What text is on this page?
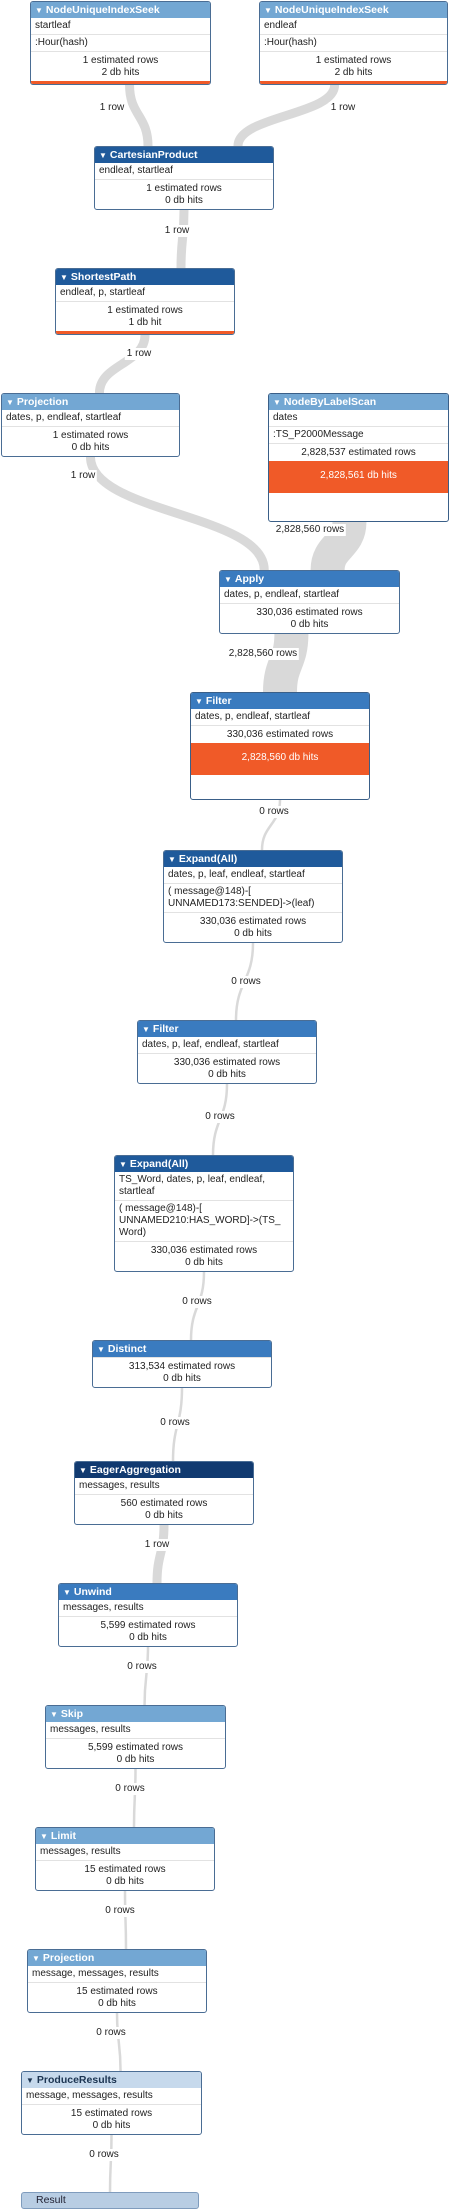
▼ NodeUniqueIndexSeek
startleaf
:Hour(hash)
1 estimated rows
2 db hits
▼ NodeUniqueIndexSeek
endleaf
:Hour(hash)
1 estimated rows
2 db hits
▼ CartesianProduct
endleaf, startleaf
1 estimated rows
0 db hits
▼ ShortestPath
endleaf, p, startleaf
1 estimated rows
1 db hit
▼ Projection
dates, p, endleaf, startleaf
1 estimated rows
0 db hits
▼ NodeByLabelScan
dates
:TS_P2000Message
2,828,537 estimated rows
2,828,561 db hits
▼ Apply
dates, p, endleaf, startleaf
330,036 estimated rows
0 db hits
▼ Filter
dates, p, endleaf, startleaf
330,036 estimated rows
2,828,560 db hits
▼ Expand(All)
dates, p, leaf, endleaf, startleaf
( message@148)-[ UNNAMED173:SENDED]->(leaf)
330,036 estimated rows
0 db hits
▼ Filter
dates, p, leaf, endleaf, startleaf
330,036 estimated rows
0 db hits
▼ Expand(All)
TS_Word, dates, p, leaf, endleaf, startleaf
( message@148)-[ UNNAMED210:HAS_WORD]->(TS_ Word)
330,036 estimated rows
0 db hits
▼ Distinct
313,534 estimated rows
0 db hits
▼ EagerAggregation
messages, results
560 estimated rows
0 db hits
▼ Unwind
messages, results
5,599 estimated rows
0 db hits
▼ Skip
messages, results
5,599 estimated rows
0 db hits
▼ Limit
messages, results
15 estimated rows
0 db hits
▼ Projection
message, messages, results
15 estimated rows
0 db hits
▼ ProduceResults
message, messages, results
15 estimated rows
0 db hits
Result
1 row	1 row
1 row
1 row
1 row
2,828,560 rows
2,828,560 rows
0 rows
0 rows
0 rows
0 rows
0 rows
1 row
0 rows
0 rows
0 rows
0 rows
0 rows
